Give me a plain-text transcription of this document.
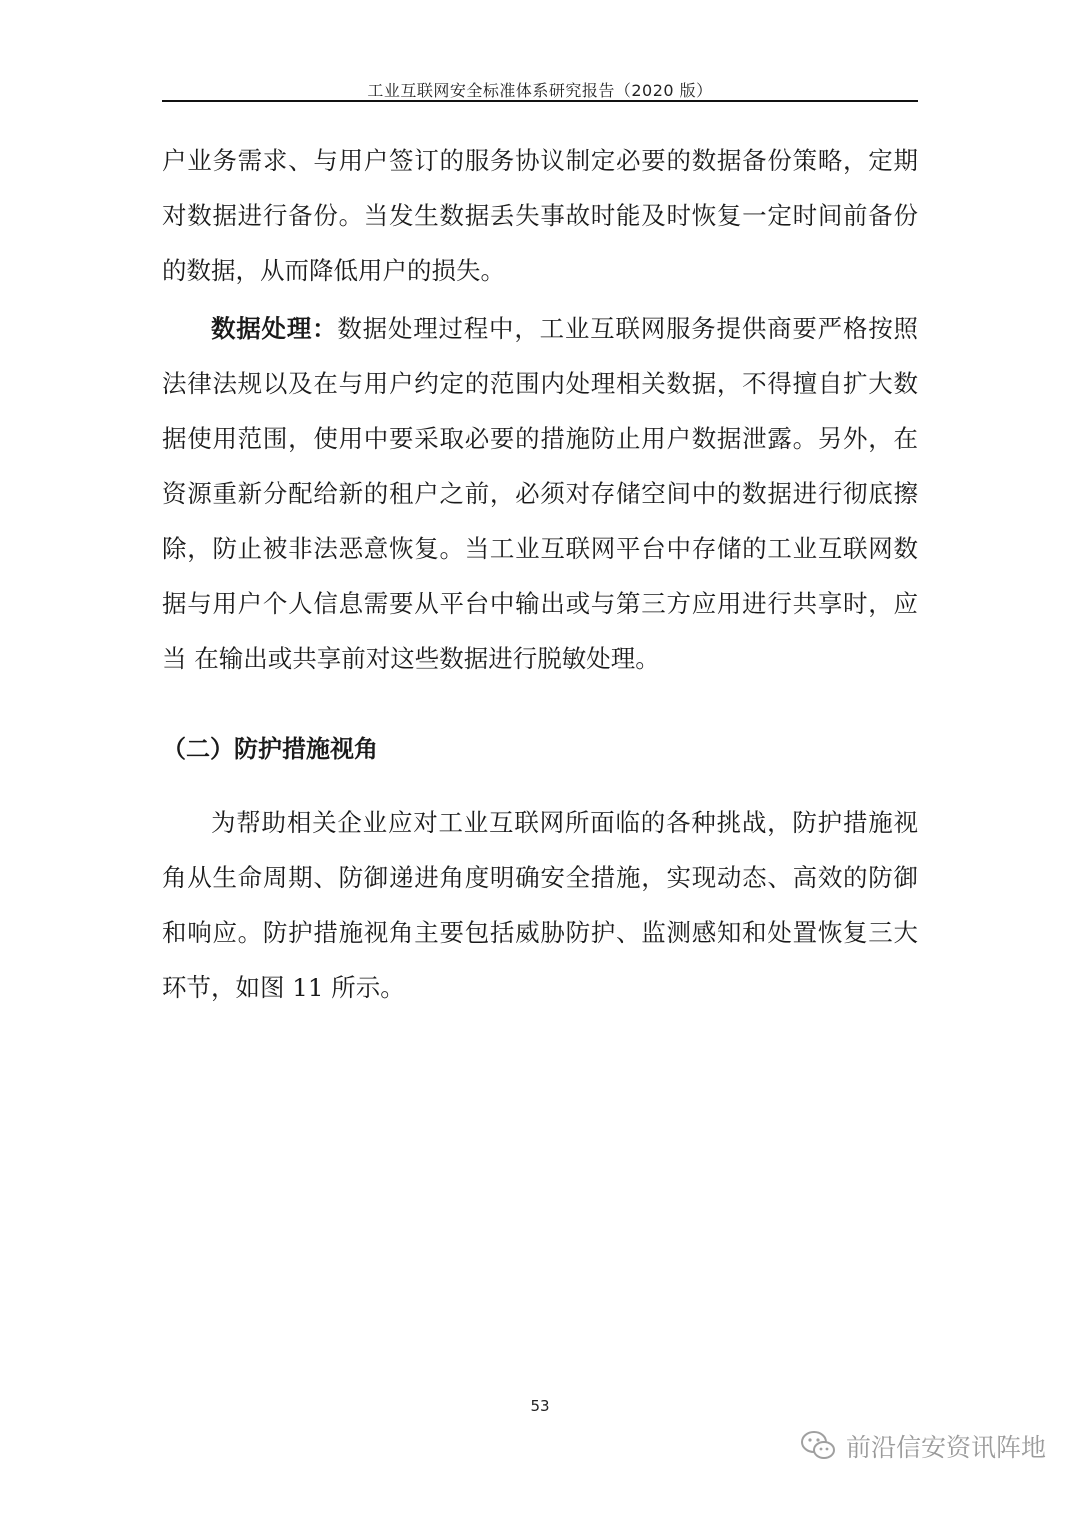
工业互联网安全标准体系研究报告（2020 版）

户业务需求、与用户签订的服务协议制定必要的数据备份策略，定期对数据进行备份。当发生数据丢失事故时能及时恢复一定时间前备份的数据，从而降低用户的损失。

数据处理：数据处理过程中，工业互联网服务提供商要严格按照法律法规以及在与用户约定的范围内处理相关数据，不得擅自扩大数据使用范围，使用中要采取必要的措施防止用户数据泄露。另外，在资源重新分配给新的租户之前，必须对存储空间中的数据进行彻底擦除，防止被非法恶意恢复。当工业互联网平台中存储的工业互联网数据与用户个人信息需要从平台中输出或与第三方应用进行共享时，应当 在输出或共享前对这些数据进行脱敏处理。

（二）防护措施视角

为帮助相关企业应对工业互联网所面临的各种挑战，防护措施视角从生命周期、防御递进角度明确安全措施，实现动态、高效的防御和响应。防护措施视角主要包括威胁防护、监测感知和处置恢复三大环节，如图 11 所示。

53
前沿信安资讯阵地
